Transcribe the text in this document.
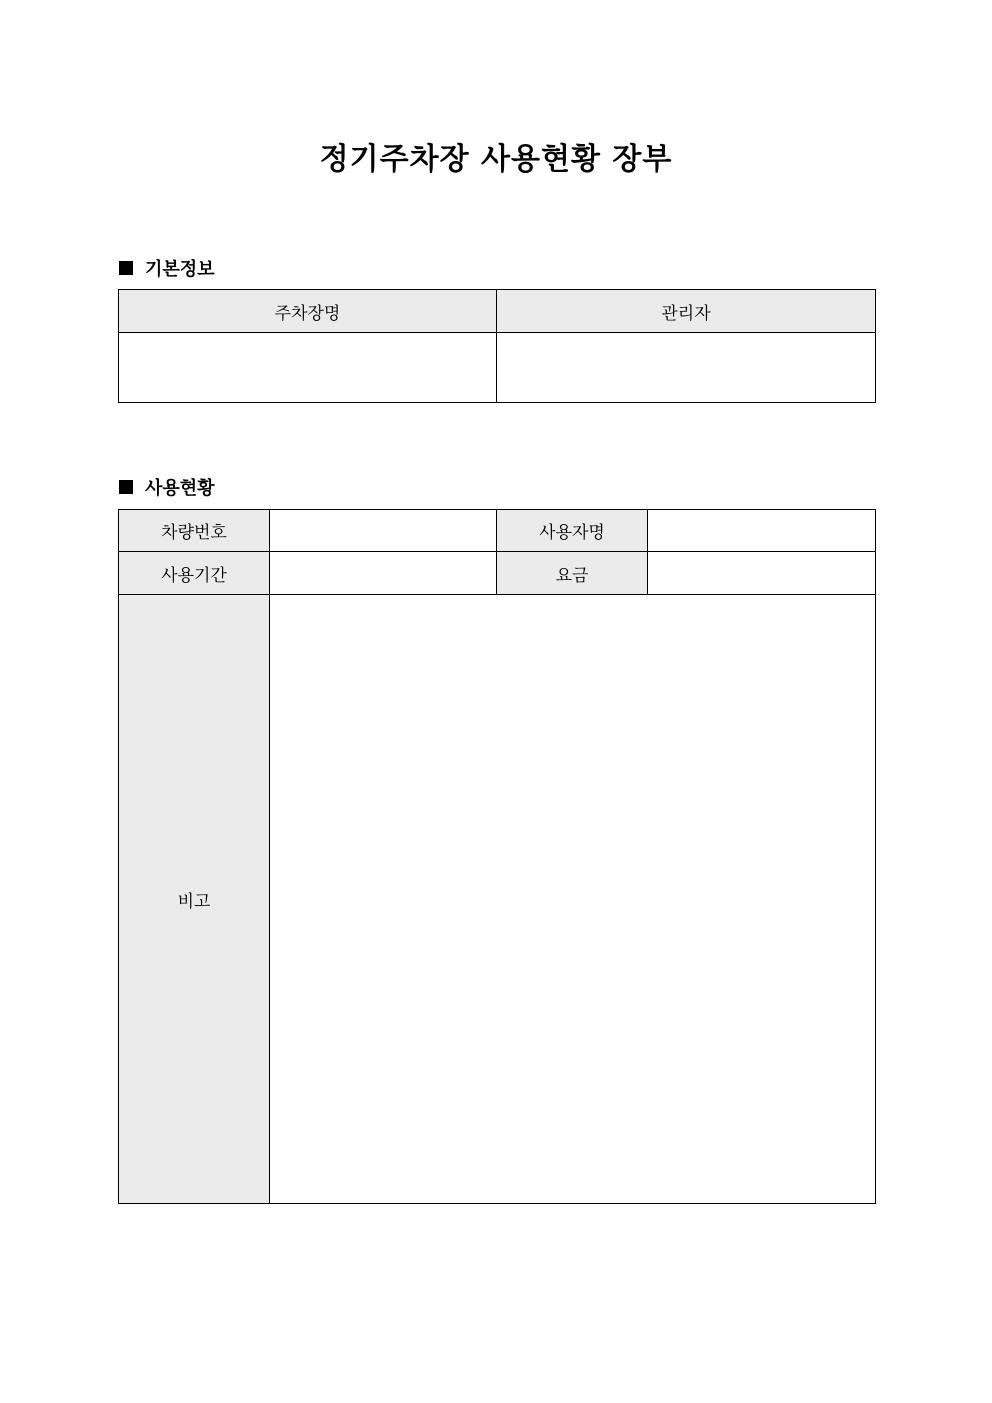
정기주차장 사용현황 장부
기본정보
주차장명	관리자

사용현황
차량번호		사용자명	
사용기간		요금	
비고	
